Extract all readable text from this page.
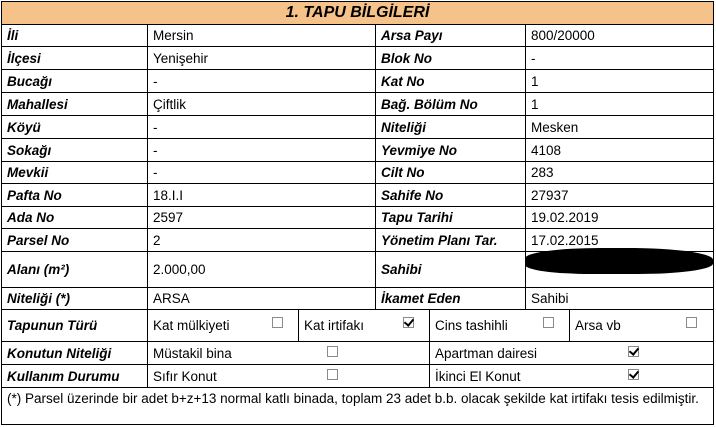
1. TAPU BİLGİLERİ
İli	Mersin	Arsa Payı	800/20000
İlçesi	Yenişehir	Blok No	-
Bucağı	-	Kat No	1
Mahallesi	Çiftlik	Bağ. Bölüm No	1
Köyü	-	Niteliği	Mesken
Sokağı	-	Yevmiye No	4108
Mevkii	-	Cilt No	283
Pafta No	18.I.I	Sahife No	27937
Ada No	2597	Tapu Tarihi	19.02.2019
Parsel No	2	Yönetim Planı Tar.	17.02.2015
Alanı (m²)	2.000,00	Sahibi
Niteliği (*)	ARSA	İkamet Eden	Sahibi
Tapunun Türü	Kat mülkiyeti	Kat irtifakı	Cins tashihli	Arsa vb
Konutun Niteliği	Müstakil bina	Apartman dairesi
Kullanım Durumu	Sıfır Konut	İkinci El Konut
(*) Parsel üzerinde bir adet b+z+13 normal katlı binada, toplam 23 adet b.b. olacak şekilde kat irtifakı tesis edilmiştir.
